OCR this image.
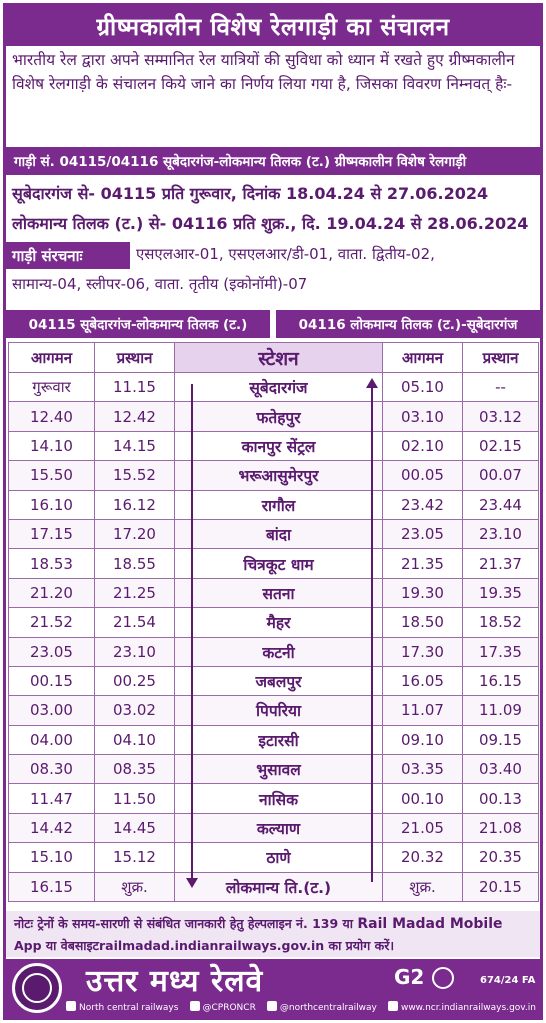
ग्रीष्मकालीन विशेष रेलगाड़ी का संचालन
भारतीय रेल द्वारा अपने सम्मानित रेल यात्रियों की सुविधा को ध्यान में रखते हुए ग्रीष्मकालीन विशेष रेलगाड़ी के संचालन किये जाने का निर्णय लिया गया है, जिसका विवरण निम्नवत् हैः-
गाड़ी सं. 04115/04116 सूबेदारगंज-लोकमान्य तिलक (ट.) ग्रीष्मकालीन विशेष रेलगाड़ी
सूबेदारगंज से- 04115 प्रति गुरूवार, दिनांक 18.04.24 से 27.06.2024
लोकमान्य तिलक (ट.) से- 04116 प्रति शुक्र., दि. 19.04.24 से 28.06.2024
गाड़ी संरचनाः	एसएलआर-01, एसएलआर/डी-01, वाता. द्वितीय-02,
सामान्य-04, स्लीपर-06, वाता. तृतीय (इकोनॉमी)-07
04115 सूबेदारगंज-लोकमान्य तिलक (ट.)	04116 लोकमान्य तिलक (ट.)-सूबेदारगंज
आगमन	प्रस्थान	स्टेशन	आगमन	प्रस्थान
गुरूवार	11.15	सूबेदारगंज	05.10	--
12.40	12.42	फतेहपुर	03.10	03.12
14.10	14.15	कानपुर सेंट्रल	02.10	02.15
15.50	15.52	भरूआसुमेरपुर	00.05	00.07
16.10	16.12	रागौल	23.42	23.44
17.15	17.20	बांदा	23.05	23.10
18.53	18.55	चित्रकूट धाम	21.35	21.37
21.20	21.25	सतना	19.30	19.35
21.52	21.54	मैहर	18.50	18.52
23.05	23.10	कटनी	17.30	17.35
00.15	00.25	जबलपुर	16.05	16.15
03.00	03.02	पिपरिया	11.07	11.09
04.00	04.10	इटारसी	09.10	09.15
08.30	08.35	भुसावल	03.35	03.40
11.47	11.50	नासिक	00.10	00.13
14.42	14.45	कल्याण	21.05	21.08
15.10	15.12	ठाणे	20.32	20.35
16.15	शुक्र.	लोकमान्य ति.(ट.)	शुक्र.	20.15
नोटः ट्रेनों के समय-सारणी से संबंधित जानकारी हेतु हेल्पलाइन नं. 139 या Rail Madad Mobile
App या वेबसाइटrailmadad.indianrailways.gov.in का प्रयोग करें।
उत्तर मध्य रेलवे	G2	674/24 FA
North central railways	@CPRONCR	@northcentralrailway	www.ncr.indianrailways.gov.in
